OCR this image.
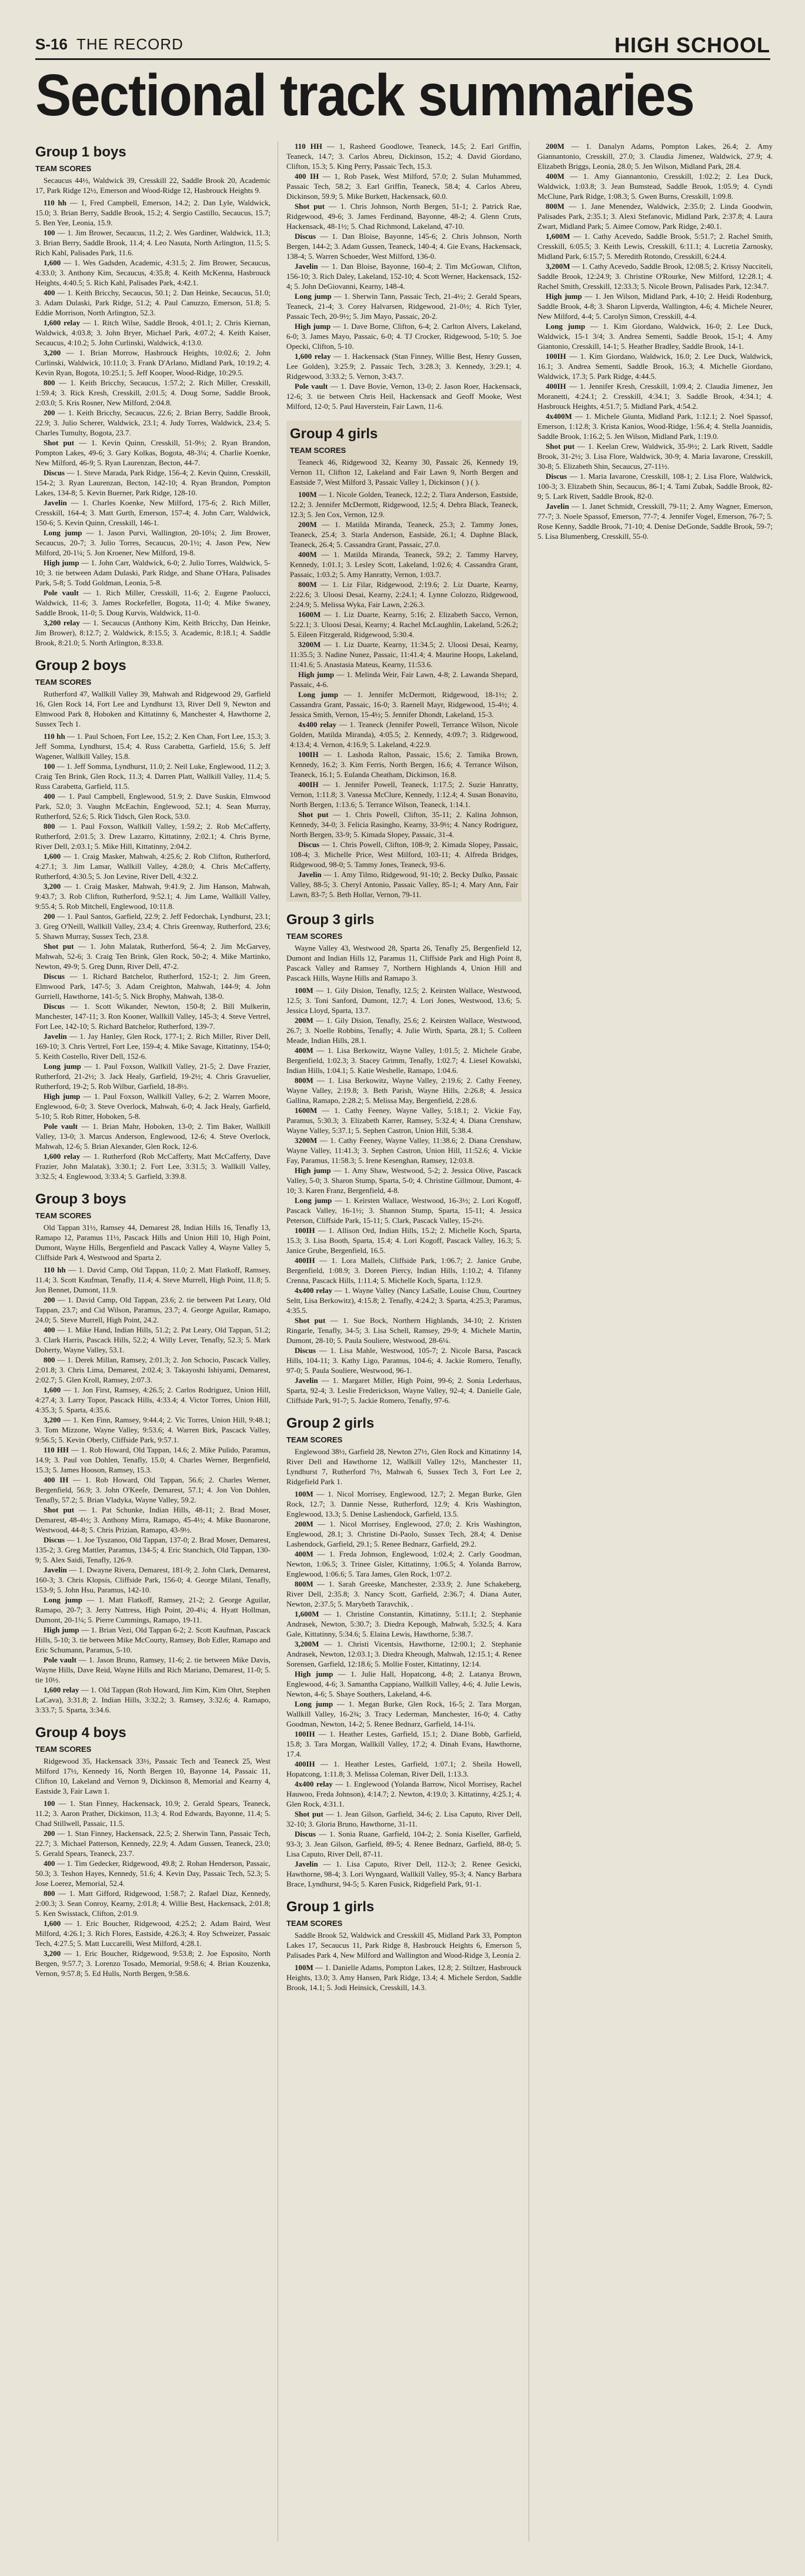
S-16 THE RECORD	HIGH SCHOOL
Sectional track summaries
Group 1 boys
TEAM SCORES

Secaucus 44½, Waldwick 39, Cresskill 22, Saddle Brook 20, Academic 17, Park Ridge 12½, Emerson and Wood-Ridge 12, Hasbrouck Heights 9.

110 hh — 1, Fred Campbell, Emerson, 14.2; 2. Dan Lyle, Waldwick, 15.0; 3. Brian Berry, Saddle Brook, 15.2; 4. Sergio Castillo, Secaucus, 15.7; 5. Ben Yee, Leonia, 15.9.

100 — 1. Jim Brower, Secaucus, 11.2; 2. Wes Gardiner, Waldwick, 11.3; 3. Brian Berry, Saddle Brook, 11.4; 4. Leo Nasuta, North Arlington, 11.5; 5. Rich Kahl, Palisades Park, 11.6.

1,600 — 1. Wes Gadsden, Academic, 4:31.5; 2. Jim Brower, Secaucus, 4:33.0; 3. Anthony Kim, Secaucus, 4:35.8; 4. Keith McKenna, Hasbrouck Heights, 4:40.5; 5. Rich Kahl, Palisades Park, 4:42.1.

400 — 1. Keith Bricchy, Secaucus, 50.1; 2. Dan Heinke, Secaucus, 51.0; 3. Adam Dulaski, Park Ridge, 51.2; 4. Paul Canuzzo, Emerson, 51.8; 5. Eddie Morrison, North Arlington, 52.3.

1,600 relay — 1. Ritch Wilse, Saddle Brook, 4:01.1; 2. Chris Kiernan, Waldwick, 4:03.8; 3. John Bryer, Michael Park, 4:07.2; 4. Keith Kaiser, Secaucus, 4:10.2; 5. John Curlinski, Waldwick, 4:13.0.

3,200 — 1. Brian Morrow, Hasbrouck Heights, 10:02.6; 2. John Curlinski, Waldwick, 10:11.0; 3. Frank D'Arlano, Midland Park, 10:19.2; 4. Kevin Ryan, Bogota, 10:25.1; 5. Jeff Kooper, Wood-Ridge, 10:29.5.

800 — 1. Keith Bricchy, Secaucus, 1:57.2; 2. Rich Miller, Cresskill, 1:59.4; 3. Rick Kresh, Cresskill, 2:01.5; 4. Doug Sorne, Saddle Brook, 2:03.0; 5. Kris Rosner, New Milford, 2:04.8.

200 — 1. Keith Bricchy, Secaucus, 22.6; 2. Brian Berry, Saddle Brook, 22.9; 3. Julio Scherer, Waldwick, 23.1; 4. Judy Torres, Waldwick, 23.4; 5. Charles Tumulty, Bogota, 23.7.

Shot put — 1. Kevin Quinn, Cresskill, 51-9½; 2. Ryan Brandon, Pompton Lakes, 49-6; 3. Gary Kolkas, Bogota, 48-3¼; 4. Charlie Koenke, New Milford, 46-9; 5. Ryan Laurenzan, Becton, 44-7.

Discus — 1. Steve Marada, Park Ridge, 156-4; 2. Kevin Quinn, Cresskill, 154-2; 3. Ryan Laurenzan, Becton, 142-10; 4. Ryan Brandon, Pompton Lakes, 134-8; 5. Kevin Buerner, Park Ridge, 128-10.

Javelin — 1. Charles Koenke, New Milford, 175-6; 2. Rich Miller, Cresskill, 164-4; 3. Matt Gurth, Emerson, 157-4; 4. John Carr, Waldwick, 150-6; 5. Kevin Quinn, Cresskill, 146-1.

Long jump — 1. Jason Purvi, Wallington, 20-10¼; 2. Jim Brower, Secaucus, 20-7; 3. Julio Torres, Secaucus, 20-1½; 4. Jason Pew, New Milford, 20-1¼; 5. Jon Kroener, New Milford, 19-8.

High jump — 1. John Carr, Waldwick, 6-0; 2. Julio Torres, Waldwick, 5-10; 3. tie between Adam Dulaski, Park Ridge, and Shane O'Hara, Palisades Park, 5-8; 5. Todd Goldman, Leonia, 5-8.

Pole vault — 1. Rich Miller, Cresskill, 11-6; 2. Eugene Paolucci, Waldwick, 11-6; 3. James Rockefeller, Bogota, 11-0; 4. Mike Swaney, Saddle Brook, 11-0; 5. Doug Kurvis, Waldwick, 11-0.

3,200 relay — 1. Secaucus (Anthony Kim, Keith Bricchy, Dan Heinke, Jim Brower), 8:12.7; 2. Waldwick, 8:15.5; 3. Academic, 8:18.1; 4. Saddle Brook, 8:21.0; 5. North Arlington, 8:33.8.

Group 2 boys
TEAM SCORES

Rutherford 47, Wallkill Valley 39, Mahwah and Ridgewood 29, Garfield 16, Glen Rock 14, Fort Lee and Lyndhurst 13, River Dell 9, Newton and Elmwood Park 8, Hoboken and Kittatinny 6, Manchester 4, Hawthorne 2, Sussex Tech 1.

110 hh — 1. Paul Schoen, Fort Lee, 15.2; 2. Ken Chan, Fort Lee, 15.3; 3. Jeff Somma, Lyndhurst, 15.4; 4. Russ Carabetta, Garfield, 15.6; 5. Jeff Wagener, Wallkill Valley, 15.8.

100 — 1. Jeff Somma, Lyndhurst, 11.0; 2. Neil Luke, Englewood, 11.2; 3. Craig Ten Brink, Glen Rock, 11.3; 4. Darren Platt, Wallkill Valley, 11.4; 5. Russ Carabetta, Garfield, 11.5.

400 — 1. Paul Campbell, Englewood, 51.9; 2. Dave Suskin, Elmwood Park, 52.0; 3. Vaughn McEachin, Englewood, 52.1; 4. Sean Murray, Rutherford, 52.6; 5. Rick Tidsch, Glen Rock, 53.0.

800 — 1. Paul Foxson, Wallkill Valley, 1:59.2; 2. Rob McCafferty, Rutherford, 2:01.5; 3. Drew Lazarro, Kittatinny, 2:02.1; 4. Chris Byrne, River Dell, 2:03.1; 5. Mike Hill, Kittatinny, 2:04.2.

1,600 — 1. Craig Masker, Mahwah, 4:25.6; 2. Rob Clifton, Rutherford, 4:27.1; 3. Jim Lamar, Wallkill Valley, 4:28.0; 4. Chris McCafferty, Rutherford, 4:30.5; 5. Jon Levine, River Dell, 4:32.2.

3,200 — 1. Craig Masker, Mahwah, 9:41.9; 2. Jim Hanson, Mahwah, 9:43.7; 3. Rob Clifton, Rutherford, 9:52.1; 4. Jim Lame, Wallkill Valley, 9:55.4; 5. Rob Mitchell, Englewood, 10:11.8.

200 — 1. Paul Santos, Garfield, 22.9; 2. Jeff Fedorchak, Lyndhurst, 23.1; 3. Greg O'Neill, Wallkill Valley, 23.4; 4. Chris Greenway, Rutherford, 23.6; 5. Shawn Murray, Sussex Tech, 23.8.

Shot put — 1. John Malatak, Rutherford, 56-4; 2. Jim McGarvey, Mahwah, 52-6; 3. Craig Ten Brink, Glen Rock, 50-2; 4. Mike Martinko, Newton, 49-9; 5. Greg Dunn, River Dell, 47-2.

Discus — 1. Richard Batchelor, Rutherford, 152-1; 2. Jim Green, Elmwood Park, 147-5; 3. Adam Creighton, Mahwah, 144-9; 4. John Gurriell, Hawthorne, 141-5; 5. Nick Brophy, Mahwah, 138-0.

Discus — 1. Scott Wikander, Newton, 150-8; 2. Bill Mulkerin, Manchester, 147-11; 3. Ron Kooner, Wallkill Valley, 145-3; 4. Steve Vertrel, Fort Lee, 142-10; 5. Richard Batchelor, Rutherford, 139-7.

Javelin — 1. Jay Hanley, Glen Rock, 177-1; 2. Rich Miller, River Dell, 169-10; 3. Chris Vertrel, Fort Lee, 159-4; 4. Mike Savage, Kittatinny, 154-0; 5. Keith Costello, River Dell, 152-6.

Long jump — 1. Paul Foxson, Wallkill Valley, 21-5; 2. Dave Frazier, Rutherford, 21-2½; 3. Jack Healy, Garfield, 19-2½; 4. Chris Gravuelier, Rutherford, 19-2; 5. Rob Wilbur, Garfield, 18-8½.

High jump — 1. Paul Foxson, Wallkill Valley, 6-2; 2. Warren Moore, Englewood, 6-0; 3. Steve Overlock, Mahwah, 6-0; 4. Jack Healy, Garfield, 5-10; 5. Rob Ritter, Hoboken, 5-8.

Pole vault — 1. Brian Mahr, Hoboken, 13-0; 2. Tim Baker, Wallkill Valley, 13-0; 3. Marcus Anderson, Englewood, 12-6; 4. Steve Overlock, Mahwah, 12-6; 5. Brian Alexander, Glen Rock, 12-6.

1,600 relay — 1. Rutherford (Rob McCafferty, Matt McCafferty, Dave Frazier, John Malatak), 3:30.1; 2. Fort Lee, 3:31.5; 3. Wallkill Valley, 3:32.5; 4. Englewood, 3:33.4; 5. Garfield, 3:39.8.

Group 3 boys
TEAM SCORES

Old Tappan 31½, Ramsey 44, Demarest 28, Indian Hills 16, Tenafly 13, Ramapo 12, Paramus 11½, Pascack Hills and Union Hill 10, High Point, Dumont, Wayne Hills, Bergenfield and Pascack Valley 4, Wayne Valley 5, Cliffside Park 4, Westwood and Sparta 2.

110 hh — 1. David Camp, Old Tappan, 11.0; 2. Matt Flatkoff, Ramsey, 11.4; 3. Scott Kaufman, Tenafly, 11.4; 4. Steve Murrell, High Point, 11.8; 5. Jon Bennet, Dumont, 11.9.

200 — 1. David Camp, Old Tappan, 23.6; 2. tie between Pat Leary, Old Tappan, 23.7; and Cid Wilson, Paramus, 23.7; 4. George Aguilar, Ramapo, 24.0; 5. Steve Murrell, High Point, 24.2.

400 — 1. Mike Hand, Indian Hills, 51.2; 2. Pat Leary, Old Tappan, 51.2; 3. Clark Harris, Pascack Hills, 52.2; 4. Willy Lever, Tenafly, 52.3; 5. Mark Doherty, Wayne Valley, 53.1.

800 — 1. Derek Millan, Ramsey, 2:01.3; 2. Jon Schocio, Pascack Valley, 2:01.8; 3. Chris Lima, Demarest, 2:02.4; 3. Takayoshi Ishiyami, Demarest, 2:02.7; 5. Glen Kroll, Ramsey, 2:07.3.

1,600 — 1. Jon First, Ramsey, 4:26.5; 2. Carlos Rodriguez, Union Hill, 4:27.4; 3. Larry Topor, Pascack Hills, 4:33.4; 4. Victor Torres, Union Hill, 4:35.3; 5. Sparta, 4:35.6.

3,200 — 1. Ken Finn, Ramsey, 9:44.4; 2. Vic Torres, Union Hill, 9:48.1; 3. Tom Mizzone, Wayne Valley, 9:53.6; 4. Warren Birk, Pascack Valley, 9:56.5; 5. Kevin Oberly, Cliffside Park, 9:57.1.

110 HH — 1. Rob Howard, Old Tappan, 14.6; 2. Mike Pulido, Paramus, 14.9; 3. Paul von Dohlen, Tenafly, 15.0; 4. Charles Werner, Bergenfield, 15.3; 5. James Hooson, Ramsey, 15.3.

400 IH — 1. Rob Howard, Old Tappan, 56.6; 2. Charles Werner, Bergenfield, 56.9; 3. John O'Keefe, Demarest, 57.1; 4. Jon Von Dohlen, Tenafly, 57.2; 5. Brian Vladyka, Wayne Valley, 59.2.

Shot put — 1. Pat Schunke, Indian Hills, 48-11; 2. Brad Moser, Demarest, 48-4½; 3. Anthony Mirra, Ramapo, 45-4½; 4. Mike Buonarone, Westwood, 44-8; 5. Chris Prizian, Ramapo, 43-9½.

Discus — 1. Joe Tyszanoo, Old Tappan, 137-0; 2. Brad Moser, Demarest, 135-2; 3. Greg Mattler, Paramus, 134-5; 4. Eric Stanchich, Old Tappan, 130-9; 5. Alex Saidi, Tenafly, 126-9.

Javelin — 1. Dwayne Rivera, Demarest, 181-9; 2. John Clark, Demarest, 160-3; 3. Chris Klopsis, Cliffside Park, 156-0; 4. George Milani, Tenafly, 153-9; 5. John Hsu, Paramus, 142-10.

Long jump — 1. Matt Flatkoff, Ramsey, 21-2; 2. George Aguilar, Ramapo, 20-7; 3. Jerry Nattress, High Point, 20-4¼; 4. Hyatt Hollman, Dumont, 20-1¼; 5. Pierre Cummings, Ramapo, 19-11.

High jump — 1. Brian Vezi, Old Tappan 6-2; 2. Scott Kaufman, Pascack Hills, 5-10; 3. tie between Mike McCourty, Ramsey, Bob Edler, Ramapo and Eric Schumann, Paramus, 5-10.

Pole vault — 1. Jason Bruno, Ramsey, 11-6; 2. tie between Mike Davis, Wayne Hills, Dave Reid, Wayne Hills and Rich Mariano, Demarest, 11-0; 5. tie 10½.

1,600 relay — 1. Old Tappan (Rob Howard, Jim Kim, Kim Ohrt, Stephen LaCava), 3:31.8; 2. Indian Hills, 3:32.2; 3. Ramsey, 3:32.6; 4. Ramapo, 3:33.7; 5. Sparta, 3:34.6.

Group 4 boys
TEAM SCORES

Ridgewood 35, Hackensack 33½, Passaic Tech and Teaneck 25, West Milford 17½, Kennedy 16, North Bergen 10, Bayonne 14, Passaic 11, Clifton 10, Lakeland and Vernon 9, Dickinson 8, Memorial and Kearny 4, Eastside 3, Fair Lawn 1.

100 — 1. Stan Finney, Hackensack, 10.9; 2. Gerald Spears, Teaneck, 11.2; 3. Aaron Prather, Dickinson, 11.3; 4. Rod Edwards, Bayonne, 11.4; 5. Chad Stillwell, Passaic, 11.5.

200 — 1. Stan Finney, Hackensack, 22.5; 2. Sherwin Tann, Passaic Tech, 22.7; 3. Michael Patterson, Kennedy, 22.9; 4. Adam Gussen, Teaneck, 23.0; 5. Gerald Spears, Teaneck, 23.7.

400 — 1. Tim Gedecker, Ridgewood, 49.8; 2. Rohan Henderson, Passaic, 50.3; 3. Teshon Hayes, Kennedy, 51.6; 4. Kevin Day, Passaic Tech, 52.3; 5. Jose Loerez, Memorial, 52.4.

800 — 1. Matt Gifford, Ridgewood, 1:58.7; 2. Rafael Diaz, Kennedy, 2:00.3; 3. Sean Conroy, Kearny, 2:01.8; 4. Willie Best, Hackensack, 2:01.8; 5. Ken Swisstack, Clifton, 2:01.9.

1,600 — 1. Eric Boucher, Ridgewood, 4:25.2; 2. Adam Baird, West Milford, 4:26.1; 3. Rich Flores, Eastside, 4:26.3; 4. Roy Schweizer, Passaic Tech, 4:27.5; 5. Matt Luccarelli, West Milford, 4:28.1.

3,200 — 1. Eric Boucher, Ridgewood, 9:53.8; 2. Joe Esposito, North Bergen, 9:57.7; 3. Lorenzo Tosado, Memorial, 9:58.6; 4. Brian Kouzenka, Vernon, 9:57.8; 5. Ed Hulls, North Bergen, 9:58.6.

110 HH — 1, Rasheed Goodlowe, Teaneck, 14.5; 2. Earl Griffin, Teaneck, 14.7; 3. Carlos Abreu, Dickinson, 15.2; 4. David Giordano, Clifton, 15.3; 5. King Perry, Passaic Tech, 15.3.

400 IH — 1, Rob Pasek, West Milford, 57.0; 2. Sulan Muhammed, Passaic Tech, 58.2; 3. Earl Griffin, Teaneck, 58.4; 4. Carlos Abreu, Dickinson, 59.9; 5. Mike Burkett, Hackensack, 60.0.

Shot put — 1. Chris Johnson, North Bergen, 51-1; 2. Patrick Rae, Ridgewood, 49-6; 3. James Ferdinand, Bayonne, 48-2; 4. Glenn Cruts, Hackensack, 48-1½; 5. Chad Richmond, Lakeland, 47-10.

Discus — 1. Dan Bloise, Bayonne, 145-6; 2. Chris Johnson, North Bergen, 144-2; 3. Adam Gussen, Teaneck, 140-4; 4. Gie Evans, Hackensack, 138-4; 5. Warren Schoeder, West Milford, 136-0.

Javelin — 1. Dan Bloise, Bayonne, 160-4; 2. Tim McGowan, Clifton, 156-10; 3. Rich Daley, Lakeland, 152-10; 4. Scott Werner, Hackensack, 152-4; 5. John DeGiovanni, Kearny, 148-4.

Long jump — 1. Sherwin Tann, Passaic Tech, 21-4½; 2. Gerald Spears, Teaneck, 21-4; 3. Corey Halvarsen, Ridgewood, 21-0½; 4. Rich Tyler, Passaic Tech, 20-9½; 5. Jim Mayo, Passaic, 20-2.

High jump — 1. Dave Borne, Clifton, 6-4; 2. Carlton Alvers, Lakeland, 6-0; 3. James Mayo, Passaic, 6-0; 4. TJ Crocker, Ridgewood, 5-10; 5. Joe Opecki, Clifton, 5-10.

1,600 relay — 1. Hackensack (Stan Finney, Willie Best, Henry Gussen, Lee Golden), 3:25.9; 2. Passaic Tech, 3:28.3; 3. Kennedy, 3:29.1; 4. Ridgewood, 3:33.2; 5. Vernon, 3:43.7.

Pole vault — 1. Dave Bovie, Vernon, 13-0; 2. Jason Roer, Hackensack, 12-6; 3. tie between Chris Heil, Hackensack and Geoff Mooke, West Milford, 12-0; 5. Paul Haverstein, Fair Lawn, 11-6.

Group 4 girls
TEAM SCORES

Teaneck 46, Ridgewood 32, Kearny 30, Passaic 26, Kennedy 19, Vernon 11, Clifton 12, Lakeland and Fair Lawn 9, North Bergen and Eastside 7, West Milford 3, Passaic Valley 1, Dickinson ( ) ( ).

100M — 1. Nicole Golden, Teaneck, 12.2; 2. Tiara Anderson, Eastside, 12.2; 3. Jennifer McDermott, Ridgewood, 12.5; 4. Debra Black, Teaneck, 12.3; 5. Jen Cox, Vernon, 12.9.

200M — 1. Matilda Miranda, Teaneck, 25.3; 2. Tammy Jones, Teaneck, 25.4; 3. Starla Anderson, Eastside, 26.1; 4. Daphne Black, Teaneck, 26.4; 5. Cassandra Grant, Passaic, 27.0.

400M — 1. Matilda Miranda, Teaneck, 59.2; 2. Tammy Harvey, Kennedy, 1:01.1; 3. Lesley Scott, Lakeland, 1:02.6; 4. Cassandra Grant, Passaic, 1:03.2; 5. Amy Hanratty, Vernon, 1:03.7.

800M — 1. Liz Filar, Ridgewood, 2:19.6; 2. Liz Duarte, Kearny, 2:22.6; 3. Uloosi Desai, Kearny, 2:24.1; 4. Lynne Colozzo, Ridgewood, 2:24.9; 5. Melissa Wyka, Fair Lawn, 2:26.3.

1600M — 1. Liz Duarte, Kearny, 5:16; 2. Elizabeth Sacco, Vernon, 5:22.1; 3. Uloosi Desai, Kearny; 4. Rachel McLaughlin, Lakeland, 5:26.2; 5. Eileen Fitzgerald, Ridgewood, 5:30.4.

3200M — 1. Liz Duarte, Kearny, 11:34.5; 2. Uloosi Desai, Kearny, 11:35.5; 3. Nadine Nunez, Passaic, 11:41.4; 4. Maurine Hoops, Lakeland, 11:41.6; 5. Anastasia Mateus, Kearny, 11:53.6.

High jump — 1. Melinda Weir, Fair Lawn, 4-8; 2. Lawanda Shepard, Passaic, 4-6.

Long jump — 1. Jennifer McDermott, Ridgewood, 18-1½; 2. Cassandra Grant, Passaic, 16-0; 3. Raenell Mayr, Ridgewood, 15-4½; 4. Jessica Smith, Vernon, 15-4½; 5. Jennifer Dhondt, Lakeland, 15-3.

4x400 relay — 1. Teaneck (Jennifer Powell, Terrance Wilson, Nicole Golden, Matilda Miranda), 4:05.5; 2. Kennedy, 4:09.7; 3. Ridgewood, 4:13.4; 4. Vernon, 4:16.9; 5. Lakeland, 4:22.9.

100IH — 1. Lashoda Ralton, Passaic, 15.6; 2. Tamika Brown, Kennedy, 16.2; 3. Kim Ferris, North Bergen, 16.6; 4. Terrance Wilson, Teaneck, 16.1; 5. Eulanda Cheatham, Dickinson, 16.8.

400IH — 1. Jennifer Powell, Teaneck, 1:17.5; 2. Suzie Hanratty, Vernon, 1:11.8; 3. Vanessa McClure, Kennedy, 1:12.4; 4. Susan Bonavito, North Bergen, 1:13.6; 5. Terrance Wilson, Teaneck, 1:14.1.

Shot put — 1. Chris Powell, Clifton, 35-11; 2. Kalina Johnson, Kennedy, 34-0; 3. Felicia Rasingho, Kearny, 33-9½; 4. Nancy Rodriguez, North Bergen, 33-9; 5. Kimada Slopey, Passaic, 31-4.

Discus — 1. Chris Powell, Clifton, 108-9; 2. Kimada Slopey, Passaic, 108-4; 3. Michelle Price, West Milford, 103-11; 4. Alfreda Bridges, Ridgewood, 98-0; 5. Tammy Jones, Teaneck, 93-6.

Javelin — 1. Amy Tilmo, Ridgewood, 91-10; 2. Becky Dulko, Passaic Valley, 88-5; 3. Cheryl Antonio, Passaic Valley, 85-1; 4. Mary Ann, Fair Lawn, 83-7; 5. Beth Hollar, Vernon, 79-11.

Group 3 girls
TEAM SCORES

Wayne Valley 43, Westwood 28, Sparta 26, Tenafly 25, Bergenfield 12, Dumont and Indian Hills 12, Paramus 11, Cliffside Park and High Point 8, Pascack Valley and Ramsey 7, Northern Highlands 4, Union Hill and Pascack Hills, Wayne Hills and Ramapo 3.

100M — 1. Gily Dision, Tenafly, 12.5; 2. Keirsten Wallace, Westwood, 12.5; 3. Toni Sanford, Dumont, 12.7; 4. Lori Jones, Westwood, 13.6; 5. Jessica Lloyd, Sparta, 13.7.

200M — 1. Gily Dision, Tenafly, 25.6; 2. Keirsten Wallace, Westwood, 26.7; 3. Noelle Robbins, Tenafly; 4. Julie Wirth, Sparta, 28.1; 5. Colleen Meade, Indian Hills, 28.1.

400M — 1. Lisa Berkowitz, Wayne Valley, 1:01.5; 2. Michele Grabe, Bergenfield, 1:02.3; 3. Stacey Grimm, Tenafly, 1:02.7; 4. Liesel Kowalski, Indian Hills, 1:04.1; 5. Katie Weshelle, Ramapo, 1:04.6.

800M — 1. Lisa Berkowitz, Wayne Valley, 2:19.6; 2. Cathy Feeney, Wayne Valley, 2:19.8; 3. Beth Parish, Wayne Hills, 2:26.8; 4. Jessica Gallina, Ramapo, 2:28.2; 5. Melissa May, Bergenfield, 2:28.6.

1600M — 1. Cathy Feeney, Wayne Valley, 5:18.1; 2. Vickie Fay, Paramus, 5:30.3; 3. Elizabeth Karrer, Ramsey, 5:32.4; 4. Diana Crenshaw, Wayne Valley, 5:37.1; 5. Sephen Castron, Union Hill, 5:38.4.

3200M — 1. Cathy Feeney, Wayne Valley, 11:38.6; 2. Diana Crenshaw, Wayne Valley, 11:41.3; 3. Sephen Castron, Union Hill, 11:52.6; 4. Vickie Fay, Paramus, 11:58.3; 5. Irene Kesenghan, Ramsey, 12:03.8.

High jump — 1. Amy Shaw, Westwood, 5-2; 2. Jessica Olive, Pascack Valley, 5-0; 3. Sharon Stump, Sparta, 5-0; 4. Christine Gillmour, Dumont, 4-10; 3. Karen Franz, Bergenfield, 4-8.

Long jump — 1. Keirsten Wallace, Westwood, 16-3½; 2. Lori Kogoff, Pascack Valley, 16-1½; 3. Shannon Stump, Sparta, 15-11; 4. Jessica Peterson, Cliffside Park, 15-11; 5. Clark, Pascack Valley, 15-2½.

100IH — 1. Allison Ord, Indian Hills, 15.2; 2. Michelle Koch, Sparta, 15.3; 3. Lisa Booth, Sparta, 15.4; 4. Lori Kogoff, Pascack Valley, 16.3; 5. Janice Grube, Bergenfield, 16.5.

400IH — 1. Lora Mallels, Cliffside Park, 1:06.7; 2. Janice Grube, Bergenfield, 1:08.9; 3. Doreen Piercy, Indian Hills, 1:10.2; 4. Tifanny Crenna, Pascack Hills, 1:11.4; 5. Michelle Koch, Sparta, 1:12.9.

4x400 relay — 1. Wayne Valley (Nancy LaSalle, Louise Chuu, Courtney Seltt, Lisa Berkowitz), 4:15.8; 2. Tenafly, 4:24.2; 3. Sparta, 4:25.3; Paramus, 4:35.5.

Shot put — 1. Sue Bock, Northern Highlands, 34-10; 2. Kristen Ringarle, Tenafly, 34-5; 3. Lisa Schell, Ramsey, 29-9; 4. Michele Martin, Dumont, 28-10; 5. Paula Souliere, Westwood, 28-6¼.

Discus — 1. Lisa Mahle, Westwood, 105-7; 2. Nicole Barsa, Pascack Hills, 104-11; 3. Kathy Ligo, Paramus, 104-6; 4. Jackie Romero, Tenafly, 97-0; 5. Paula Souliere, Westwood, 96-1.

Javelin — 1. Margaret Miller, High Point, 99-6; 2. Sonia Lederhaus, Sparta, 92-4; 3. Leslie Frederickson, Wayne Valley, 92-4; 4. Danielle Gale, Cliffside Park, 91-7; 5. Jackie Romero, Tenafly, 97-6.

Group 2 girls
TEAM SCORES

Englewood 38½, Garfield 28, Newton 27½, Glen Rock and Kittatinny 14, River Dell and Hawthorne 12, Wallkill Valley 12½, Manchester 11, Lyndhurst 7, Rutherford 7½, Mahwah 6, Sussex Tech 3, Fort Lee 2, Ridgefield Park 1.

100M — 1. Nicol Morrisey, Englewood, 12.7; 2. Megan Burke, Glen Rock, 12.7; 3. Dannie Nesse, Rutherford, 12.9; 4. Kris Washington, Englewood, 13.3; 5. Denise Lashendock, Garfield, 13.5.

200M — 1. Nicol Morrisey, Englewood, 27.0; 2. Kris Washington, Englewood, 28.1; 3. Christine Di-Paolo, Sussex Tech, 28.4; 4. Denise Lashendock, Garfield, 29.1; 5. Renee Bednarz, Garfield, 29.2.

400M — 1. Freda Johnson, Englewood, 1:02.4; 2. Carly Goodman, Newton, 1:06.5; 3. Trinee Gisler, Kittatinny, 1:06.5; 4. Yolanda Barrow, Englewood, 1:06.6; 5. Tara James, Glen Rock, 1:07.2.

800M — 1. Sarah Greeske, Manchester, 2:33.9; 2. June Schakeberg, River Dell, 2:35.8; 3. Nancy Scott, Garfield, 2:36.7; 4. Diana Auter, Newton, 2:37.5; 5. Marybeth Taravchik, .

1,600M — 1. Christine Constantin, Kittatinny, 5:11.1; 2. Stephanie Andrasek, Newton, 5:30.7; 3. Diedra Kepough, Mahwah, 5:32.5; 4. Kara Gale, Kittatinny, 5:34.6; 5. Elaina Lewis, Hawthorne, 5:38.7.

3,200M — 1. Christi Vicentsis, Hawthorne, 12:00.1; 2. Stephanie Andrasek, Newton, 12:03.1; 3. Diedra Kheough, Mahwah, 12:15.1; 4. Renee Sorensen, Garfield, 12:18.6; 5. Mollie Foster, Kittatinny, 12:14.

High jump — 1. Julie Hall, Hopatcong, 4-8; 2. Latanya Brown, Englewood, 4-6; 3. Samantha Cappiano, Wallkill Valley, 4-6; 4. Julie Lewis, Newton, 4-6; 5. Shaye Southers, Lakeland, 4-6.

Long jump — 1. Megan Burke, Glen Rock, 16-5; 2. Tara Morgan, Wallkill Valley, 16-2¾; 3. Tracy Lederman, Manchester, 16-0; 4. Cathy Goodman, Newton, 14-2; 5. Renee Bednarz, Garfield, 14-1¼.

100IH — 1. Heather Lestes, Garfield, 15.1; 2. Diane Bobb, Garfield, 15.8; 3. Tara Morgan, Wallkill Valley, 17.2; 4. Dinah Evans, Hawthorne, 17.4.

400IH — 1. Heather Lestes, Garfield, 1:07.1; 2. Sheila Howell, Hopatcong, 1:11.8; 3. Melissa Coleman, River Dell, 1:13.3.

4x400 relay — 1. Englewood (Yolanda Barrow, Nicol Morrisey, Rachel Hauwoo, Freda Johnson), 4:14.7; 2. Newton, 4:19.0; 3. Kittatinny, 4:25.1; 4. Glen Rock, 4:31.1.

Shot put — 1. Jean Gilson, Garfield, 34-6; 2. Lisa Caputo, River Dell, 32-10; 3. Gloria Bruno, Hawthorne, 31-11.

Discus — 1. Sonia Ruane, Garfield, 104-2; 2. Sonia Kiseller, Garfield, 93-3; 3. Jean Gilson, Garfield, 89-5; 4. Renee Bednarz, Garfield, 88-0; 5. Lisa Caputo, River Dell, 87-11.

Javelin — 1. Lisa Caputo, River Dell, 112-3; 2. Renee Gesicki, Hawthorne, 98-4; 3. Lori Wyngaard, Wallkill Valley, 95-3; 4. Nancy Barbara Brace, Lyndhurst, 94-5; 5. Karen Fusick, Ridgefield Park, 91-1.

Group 1 girls
TEAM SCORES

Saddle Brook 52, Waldwick and Cresskill 45, Midland Park 33, Pompton Lakes 17, Secaucus 11, Park Ridge 8, Hasbrouck Heights 6, Emerson 5, Palisades Park 4, New Milford and Wallington and Wood-Ridge 3, Leonia 2.

100M — 1. Danielle Adams, Pompton Lakes, 12.8; 2. Stiltzer, Hasbrouck Heights, 13.0; 3. Amy Hansen, Park Ridge, 13.4; 4. Michele Serdon, Saddle Brook, 14.1; 5. Jodi Heinsick, Cresskill, 14.3.

200M — 1. Danalyn Adams, Pompton Lakes, 26.4; 2. Amy Giannantonio, Cresskill, 27.0; 3. Claudia Jimenez, Waldwick, 27.9; 4. Elizabeth Briggs, Leonia, 28.0; 5. Jen Wilson, Midland Park, 28.4.

400M — 1. Amy Giannantonio, Cresskill, 1:02.2; 2. Lea Duck, Waldwick, 1:03.8; 3. Jean Bumstead, Saddle Brook, 1:05.9; 4. Cyndi McClune, Park Ridge, 1:08.3; 5. Gwen Burns, Cresskill, 1:09.8.

800M — 1. Jane Menendez, Waldwick, 2:35.0; 2. Linda Goodwin, Palisades Park, 2:35.1; 3. Alexi Stefanovic, Midland Park, 2:37.8; 4. Laura Zwart, Midland Park; 5. Aimee Comow, Park Ridge, 2:40.1.

1,600M — 1. Cathy Acevedo, Saddle Brook, 5:51.7; 2. Rachel Smith, Cresskill, 6:05.5; 3. Keith Lewis, Cresskill, 6:11.1; 4. Lucretia Zarnosky, Midland Park, 6:15.7; 5. Meredith Rotondo, Cresskill, 6:24.4.

3,200M — 1. Cathy Acevedo, Saddle Brook, 12:08.5; 2. Krissy Nucciteli, Saddle Brook, 12:24.9; 3. Christine O'Rourke, New Milford, 12:28.1; 4. Rachel Smith, Cresskill, 12:33.3; 5. Nicole Brown, Palisades Park, 12:34.7.

High jump — 1. Jen Wilson, Midland Park, 4-10; 2. Heidi Rodenburg, Saddle Brook, 4-8; 3. Sharon Lipverda, Wallington, 4-6; 4. Michele Neurer, New Milford, 4-4; 5. Carolyn Simon, Cresskill, 4-4.

Long jump — 1. Kim Giordano, Waldwick, 16-0; 2. Lee Duck, Waldwick, 15-1 3/4; 3. Andrea Sementi, Saddle Brook, 15-1; 4. Amy Giantonio, Cresskill, 14-1; 5. Heather Bradley, Saddle Brook, 14-1.

100IH — 1. Kim Giordano, Waldwick, 16.0; 2. Lee Duck, Waldwick, 16.1; 3. Andrea Sementi, Saddle Brook, 16.3; 4. Michelle Giordano, Waldwick, 17.3; 5. Park Ridge, 4:44.5.

400IH — 1. Jennifer Kresh, Cresskill, 1:09.4; 2. Claudia Jimenez, Jen Moranetti, 4:24.1; 2. Cresskill, 4:34.1; 3. Saddle Brook, 4:34.1; 4. Hasbrouck Heights, 4:51.7; 5. Midland Park, 4:54.2.

4x400M — 1. Michele Giunta, Midland Park, 1:12.1; 2. Noel Spassof, Emerson, 1:12.8; 3. Krista Kanios, Wood-Ridge, 1:56.4; 4. Stella Joannidis, Saddle Brook, 1:16.2; 5. Jen Wilson, Midland Park, 1:19.0.

Shot put — 1. Keelan Crew, Waldwick, 35-9½; 2. Lark Rivett, Saddle Brook, 31-2½; 3. Lisa Flore, Waldwick, 30-9; 4. Maria Iavarone, Cresskill, 30-8; 5. Elizabeth Shin, Secaucus, 27-11½.

Discus — 1. Maria Iavarone, Cresskill, 108-1; 2. Lisa Flore, Waldwick, 100-3; 3. Elizabeth Shin, Secaucus, 86-1; 4. Tami Zubak, Saddle Brook, 82-9; 5. Lark Rivett, Saddle Brook, 82-0.

Javelin — 1. Janet Schmidt, Cresskill, 79-11; 2. Amy Wagner, Emerson, 77-7; 3. Noele Spassof, Emerson, 77-7; 4. Jennifer Vogel, Emerson, 76-7; 5. Rose Kenny, Saddle Brook, 71-10; 4. Denise DeGonde, Saddle Brook, 59-7; 5. Lisa Blumenberg, Cresskill, 55-0.
